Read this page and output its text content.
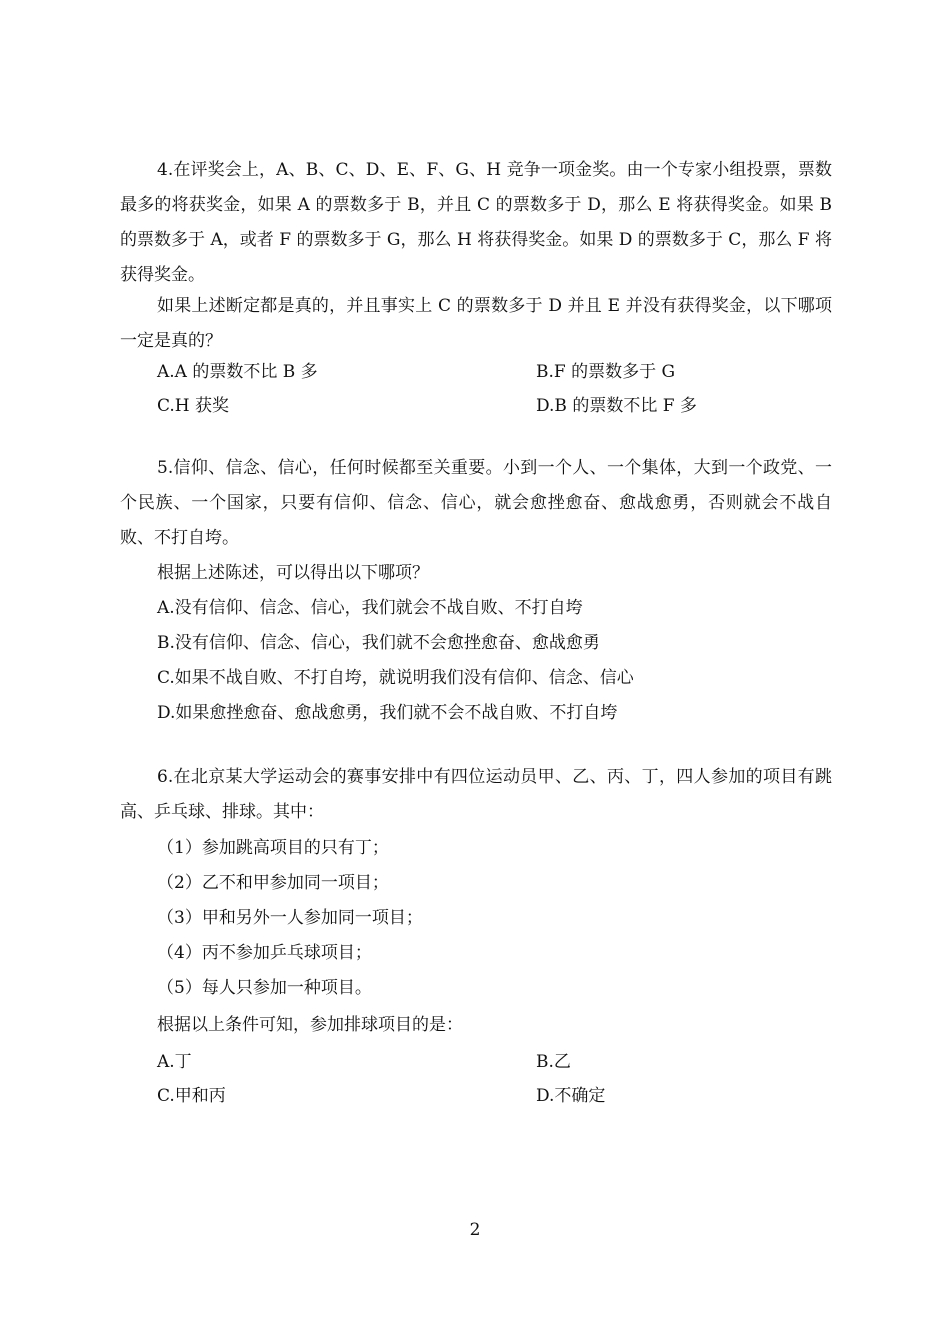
4.在评奖会上，A、B、C、D、E、F、G、H 竞争一项金奖。由一个专家小组投票，票数最多的将获奖金，如果 A 的票数多于 B，并且 C 的票数多于 D，那么 E 将获得奖金。如果 B 的票数多于 A，或者 F 的票数多于 G，那么 H 将获得奖金。如果 D 的票数多于 C，那么 F 将获得奖金。

如果上述断定都是真的，并且事实上 C 的票数多于 D 并且 E 并没有获得奖金，以下哪项一定是真的？

A.A 的票数不比 B 多	B.F 的票数多于 G

C.H 获奖	D.B 的票数不比 F 多

5.信仰、信念、信心，任何时候都至关重要。小到一个人、一个集体，大到一个政党、一个民族、一个国家，只要有信仰、信念、信心，就会愈挫愈奋、愈战愈勇，否则就会不战自败、不打自垮。

根据上述陈述，可以得出以下哪项？

A.没有信仰、信念、信心，我们就会不战自败、不打自垮

B.没有信仰、信念、信心，我们就不会愈挫愈奋、愈战愈勇

C.如果不战自败、不打自垮，就说明我们没有信仰、信念、信心

D.如果愈挫愈奋、愈战愈勇，我们就不会不战自败、不打自垮

6.在北京某大学运动会的赛事安排中有四位运动员甲、乙、丙、丁，四人参加的项目有跳高、乒乓球、排球。其中：

（1）参加跳高项目的只有丁；

（2）乙不和甲参加同一项目；

（3）甲和另外一人参加同一项目；

（4）丙不参加乒乓球项目；

（5）每人只参加一种项目。

根据以上条件可知，参加排球项目的是：

A.丁	B.乙

C.甲和丙	D.不确定

2
